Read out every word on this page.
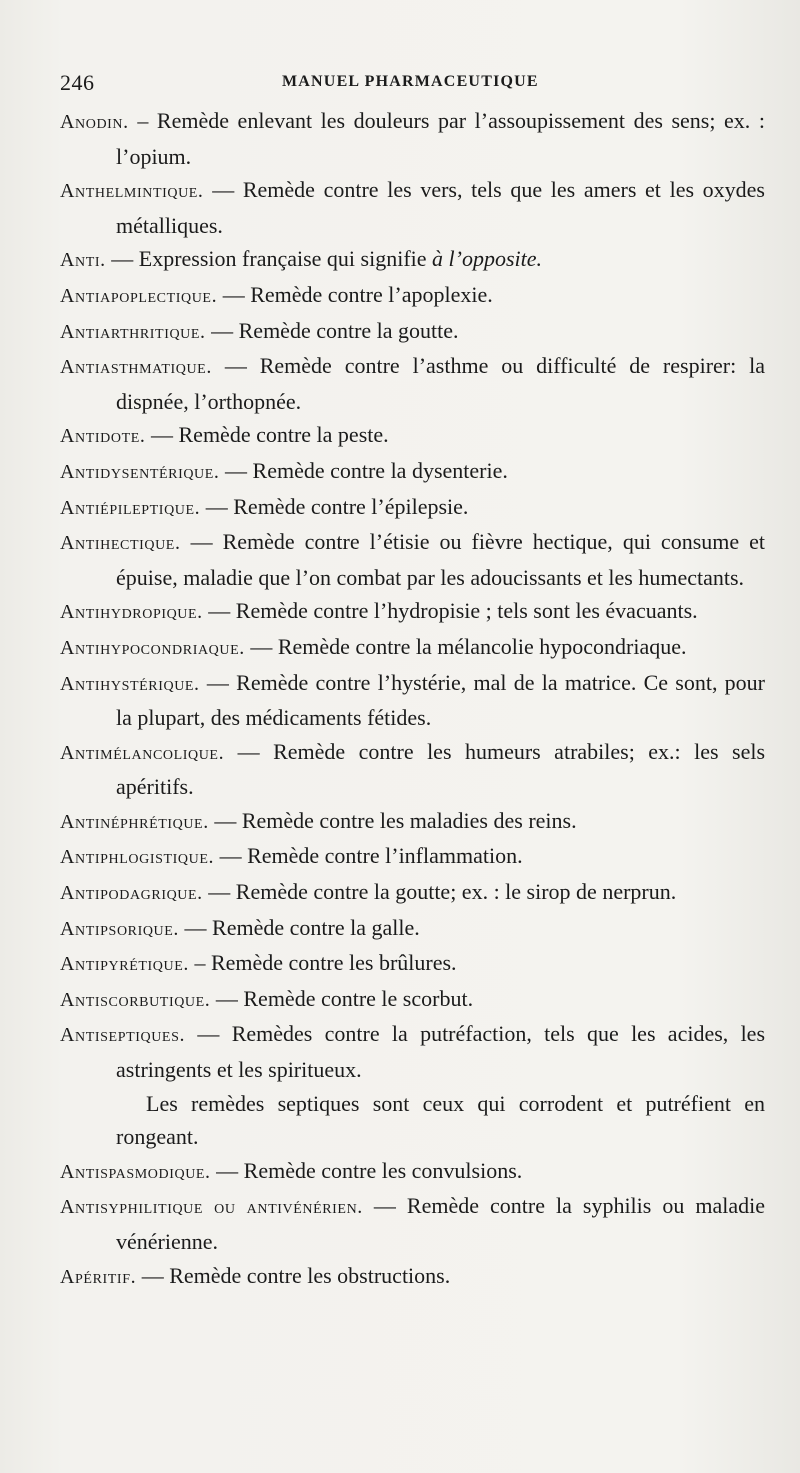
246	MANUEL PHARMACEUTIQUE
Anodin. – Remède enlevant les douleurs par l’assoupissement des sens; ex. : l’opium.
Anthelmintique. — Remède contre les vers, tels que les amers et les oxydes métalliques.
Anti. — Expression française qui signifie à l’opposite.
Antiapoplectique. — Remède contre l’apoplexie.
Antiarthritique. — Remède contre la goutte.
Antiasthmatique. — Remède contre l’asthme ou difficulté de respirer: la dispnée, l’orthopnée.
Antidote. — Remède contre la peste.
Antidysentérique. — Remède contre la dysenterie.
Antiépileptique. — Remède contre l’épilepsie.
Antihectique. — Remède contre l’étisie ou fièvre hectique, qui consume et épuise, maladie que l’on combat par les adoucissants et les humectants.
Antihydropique. — Remède contre l’hydropisie ; tels sont les évacuants.
Antihypocondriaque. — Remède contre la mélancolie hypocondriaque.
Antihystérique. — Remède contre l’hystérie, mal de la matrice. Ce sont, pour la plupart, des médicaments fétides.
Antimélancolique. — Remède contre les humeurs atrabiles; ex.: les sels apéritifs.
Antinéphrétique. — Remède contre les maladies des reins.
Antiphlogistique. — Remède contre l’inflammation.
Antipodagrique. — Remède contre la goutte; ex. : le sirop de nerprun.
Antipsorique. — Remède contre la galle.
Antipyrétique. – Remède contre les brûlures.
Antiscorbutique. — Remède contre le scorbut.
Antiseptiques. — Remèdes contre la putréfaction, tels que les acides, les astringents et les spiritueux.
Les remèdes septiques sont ceux qui corrodent et putréfient en rongeant.
Antispasmodique. — Remède contre les convulsions.
Antisyphilitique ou antivénérien. — Remède contre la syphilis ou maladie vénérienne.
Apéritif. — Remède contre les obstructions.
